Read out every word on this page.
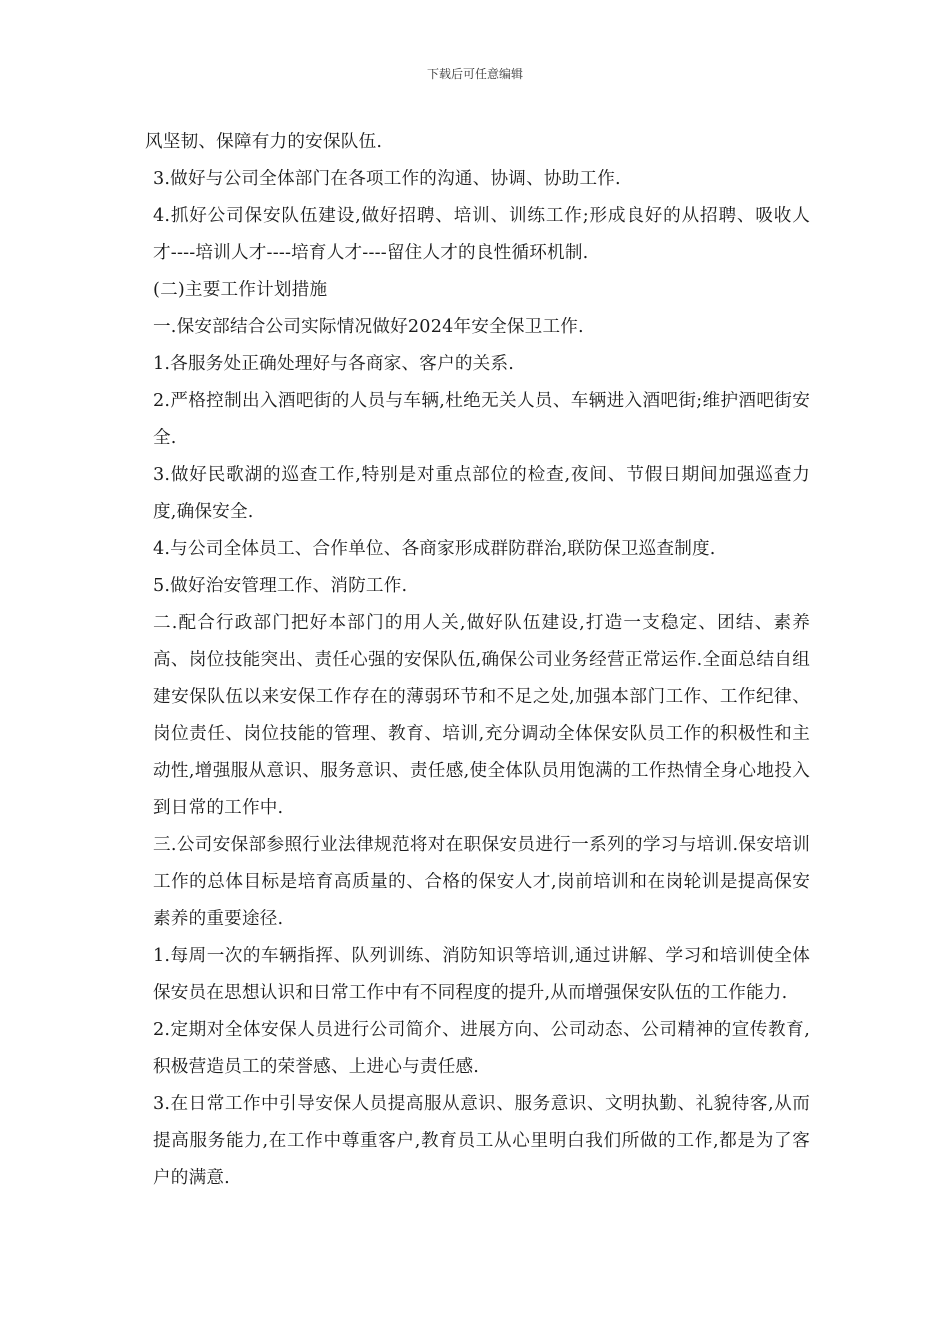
下载后可任意编辑

风坚韧、保障有力的安保队伍.

3.做好与公司全体部门在各项工作的沟通、协调、协助工作.

4.抓好公司保安队伍建设,做好招聘、培训、训练工作;形成良好的从招聘、吸收人才----培训人才----培育人才----留住人才的良性循环机制.

(二)主要工作计划措施

一.保安部结合公司实际情况做好2024年安全保卫工作.

1.各服务处正确处理好与各商家、客户的关系.

2.严格控制出入酒吧街的人员与车辆,杜绝无关人员、车辆进入酒吧街;维护酒吧街安全.

3.做好民歌湖的巡查工作,特别是对重点部位的检查,夜间、节假日期间加强巡查力度,确保安全.

4.与公司全体员工、合作单位、各商家形成群防群治,联防保卫巡查制度.

5.做好治安管理工作、消防工作.

二.配合行政部门把好本部门的用人关,做好队伍建设,打造一支稳定、团结、素养高、岗位技能突出、责任心强的安保队伍,确保公司业务经营正常运作.全面总结自组建安保队伍以来安保工作存在的薄弱环节和不足之处,加强本部门工作、工作纪律、岗位责任、岗位技能的管理、教育、培训,充分调动全体保安队员工作的积极性和主动性,增强服从意识、服务意识、责任感,使全体队员用饱满的工作热情全身心地投入到日常的工作中.

三.公司安保部参照行业法律规范将对在职保安员进行一系列的学习与培训.保安培训工作的总体目标是培育高质量的、合格的保安人才,岗前培训和在岗轮训是提高保安素养的重要途径.

1.每周一次的车辆指挥、队列训练、消防知识等培训,通过讲解、学习和培训使全体保安员在思想认识和日常工作中有不同程度的提升,从而增强保安队伍的工作能力.

2.定期对全体安保人员进行公司简介、进展方向、公司动态、公司精神的宣传教育,积极营造员工的荣誉感、上进心与责任感.

3.在日常工作中引导安保人员提高服从意识、服务意识、文明执勤、礼貌待客,从而提高服务能力,在工作中尊重客户,教育员工从心里明白我们所做的工作,都是为了客户的满意.
